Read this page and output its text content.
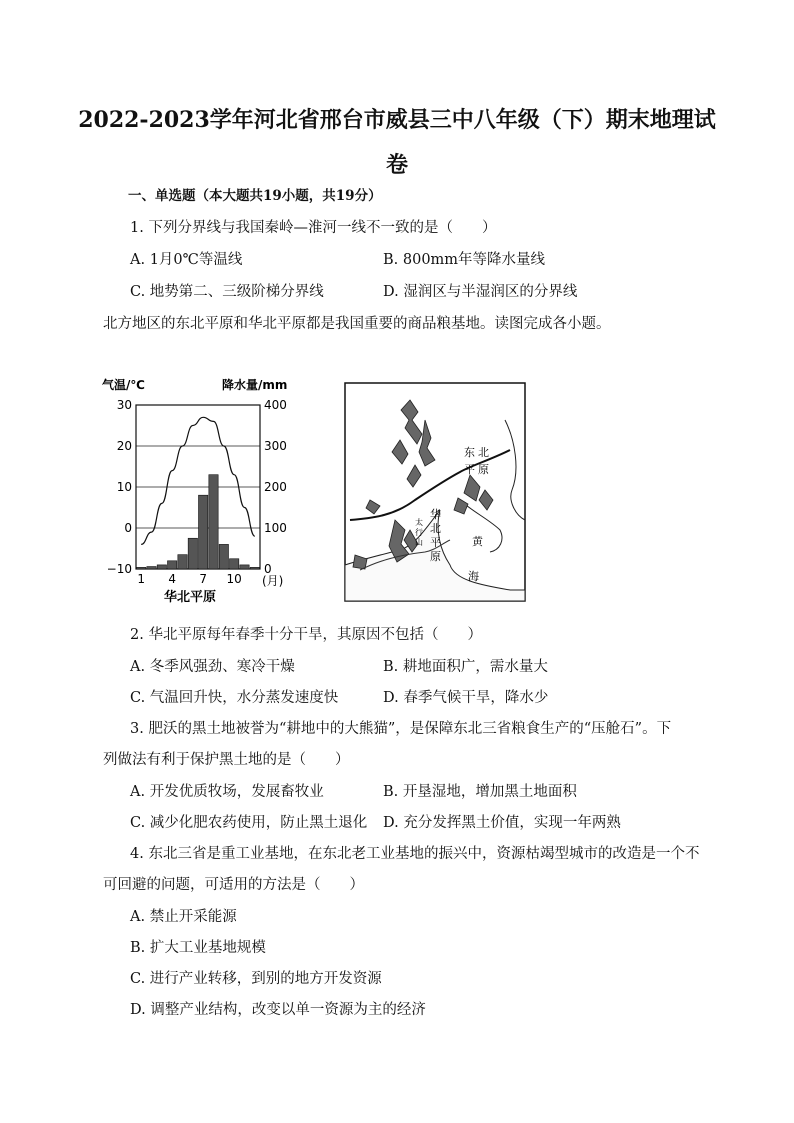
2022-2023学年河北省邢台市威县三中八年级（下）期末地理试
卷
一、单选题（本大题共19小题，共19分）
1. 下列分界线与我国秦岭—淮河一线不一致的是（　　）
A. 1月0℃等温线	B. 800mm年等降水量线
C. 地势第二、三级阶梯分界线	D. 湿润区与半湿润区的分界线
北方地区的东北平原和华北平原都是我国重要的商品粮基地。读图完成各小题。
气温/℃	降水量/mm
30	400
20	300
10	200
0	100
−10	0
1 4 7 10 (月)
华北平原
东 北
平 原
华
北
平
原
太
行
山	黄
海
2. 华北平原每年春季十分干旱，其原因不包括（　　）
A. 冬季风强劲、寒冷干燥	B. 耕地面积广，需水量大
C. 气温回升快，水分蒸发速度快	D. 春季气候干旱，降水少
3. 肥沃的黑土地被誉为“耕地中的大熊猫”，是保障东北三省粮食生产的“压舱石”。下
列做法有利于保护黑土地的是（　　）
A. 开发优质牧场，发展畜牧业	B. 开垦湿地，增加黑土地面积
C. 减少化肥农药使用，防止黑土退化 D. 充分发挥黑土价值，实现一年两熟
4. 东北三省是重工业基地，在东北老工业基地的振兴中，资源枯竭型城市的改造是一个不
可回避的问题，可适用的方法是（　　）
A. 禁止开采能源
B. 扩大工业基地规模
C. 进行产业转移，到别的地方开发资源
D. 调整产业结构，改变以单一资源为主的经济
